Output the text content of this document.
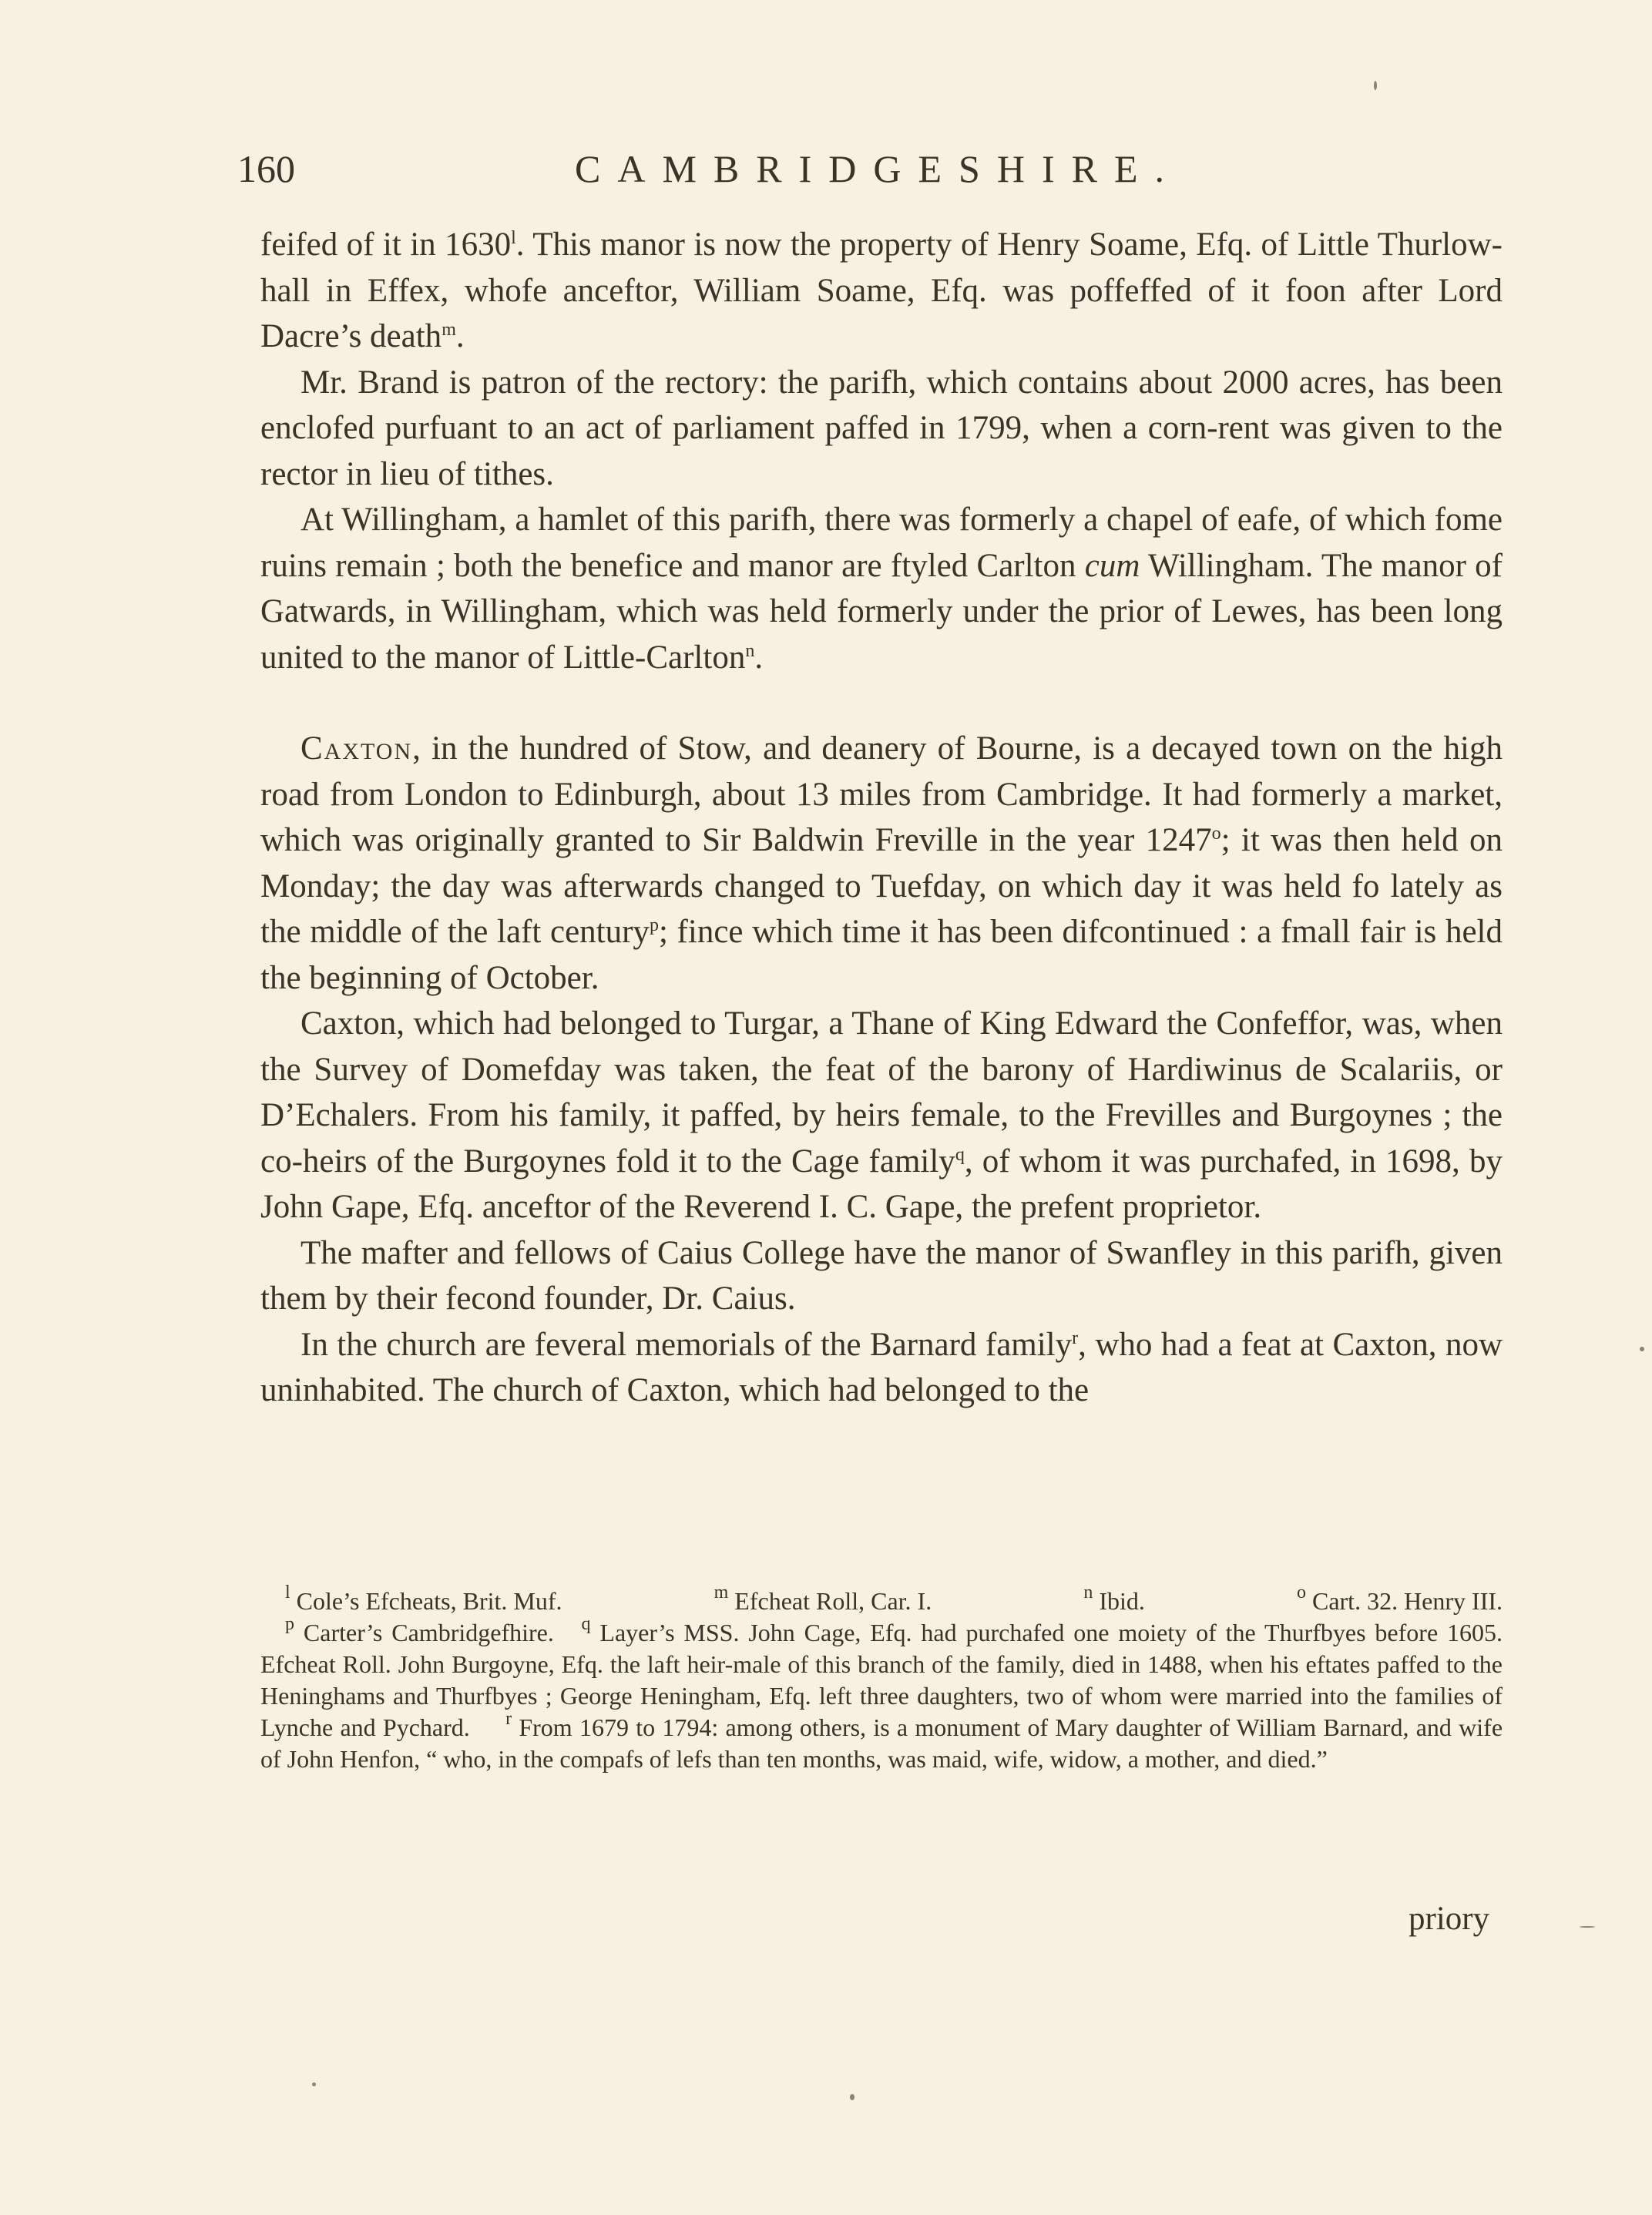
160	CAMBRIDGESHIRE.

feifed of it in 1630$^l$. This manor is now the property of Henry Soame, Efq. of Little Thurlow-hall in Effex, whofe anceftor, William Soame, Efq. was poffeffed of it foon after Lord Dacre’s death$^m$.

Mr. Brand is patron of the rectory: the parifh, which contains about 2000 acres, has been enclofed purfuant to an act of parliament paffed in 1799, when a corn-rent was given to the rector in lieu of tithes.

At Willingham, a hamlet of this parifh, there was formerly a chapel of eafe, of which fome ruins remain ; both the benefice and manor are ftyled Carlton cum Willingham. The manor of Gatwards, in Willingham, which was held formerly under the prior of Lewes, has been long united to the manor of Little-Carlton$^n$.

Caxton, in the hundred of Stow, and deanery of Bourne, is a decayed town on the high road from London to Edinburgh, about 13 miles from Cambridge. It had formerly a market, which was originally granted to Sir Baldwin Freville in the year 1247$^o$; it was then held on Monday; the day was afterwards changed to Tuefday, on which day it was held fo lately as the middle of the laft century$^p$; fince which time it has been difcontinued : a fmall fair is held the beginning of October.

Caxton, which had belonged to Turgar, a Thane of King Edward the Confeffor, was, when the Survey of Domefday was taken, the feat of the barony of Hardiwinus de Scalariis, or D’Echalers. From his family, it paffed, by heirs female, to the Frevilles and Burgoynes ; the co-heirs of the Burgoynes fold it to the Cage family$^q$, of whom it was purchafed, in 1698, by John Gape, Efq. anceftor of the Reverend I. C. Gape, the prefent proprietor.

The mafter and fellows of Caius College have the manor of Swanfley in this parifh, given them by their fecond founder, Dr. Caius.

In the church are feveral memorials of the Barnard family$^r$, who had a feat at Caxton, now uninhabited. The church of Caxton, which had belonged to the

$^l$ Cole’s Efcheats, Brit. Muf.	$^m$ Efcheat Roll, Car. I.	$^n$ Ibid.	$^o$ Cart. 32. Henry III.

$^p$ Carter’s Cambridgefhire. $^q$ Layer’s MSS. John Cage, Efq. had purchafed one moiety of the Thurfbyes before 1605. Efcheat Roll. John Burgoyne, Efq. the laft heir-male of this branch of the family, died in 1488, when his eftates paffed to the Heninghams and Thurfbyes ; George Heningham, Efq. left three daughters, two of whom were married into the families of Lynche and Pychard. $^r$ From 1679 to 1794: among others, is a monument of Mary daughter of William Barnard, and wife of John Henfon, “ who, in the compafs of lefs than ten months, was maid, wife, widow, a mother, and died.”

priory
